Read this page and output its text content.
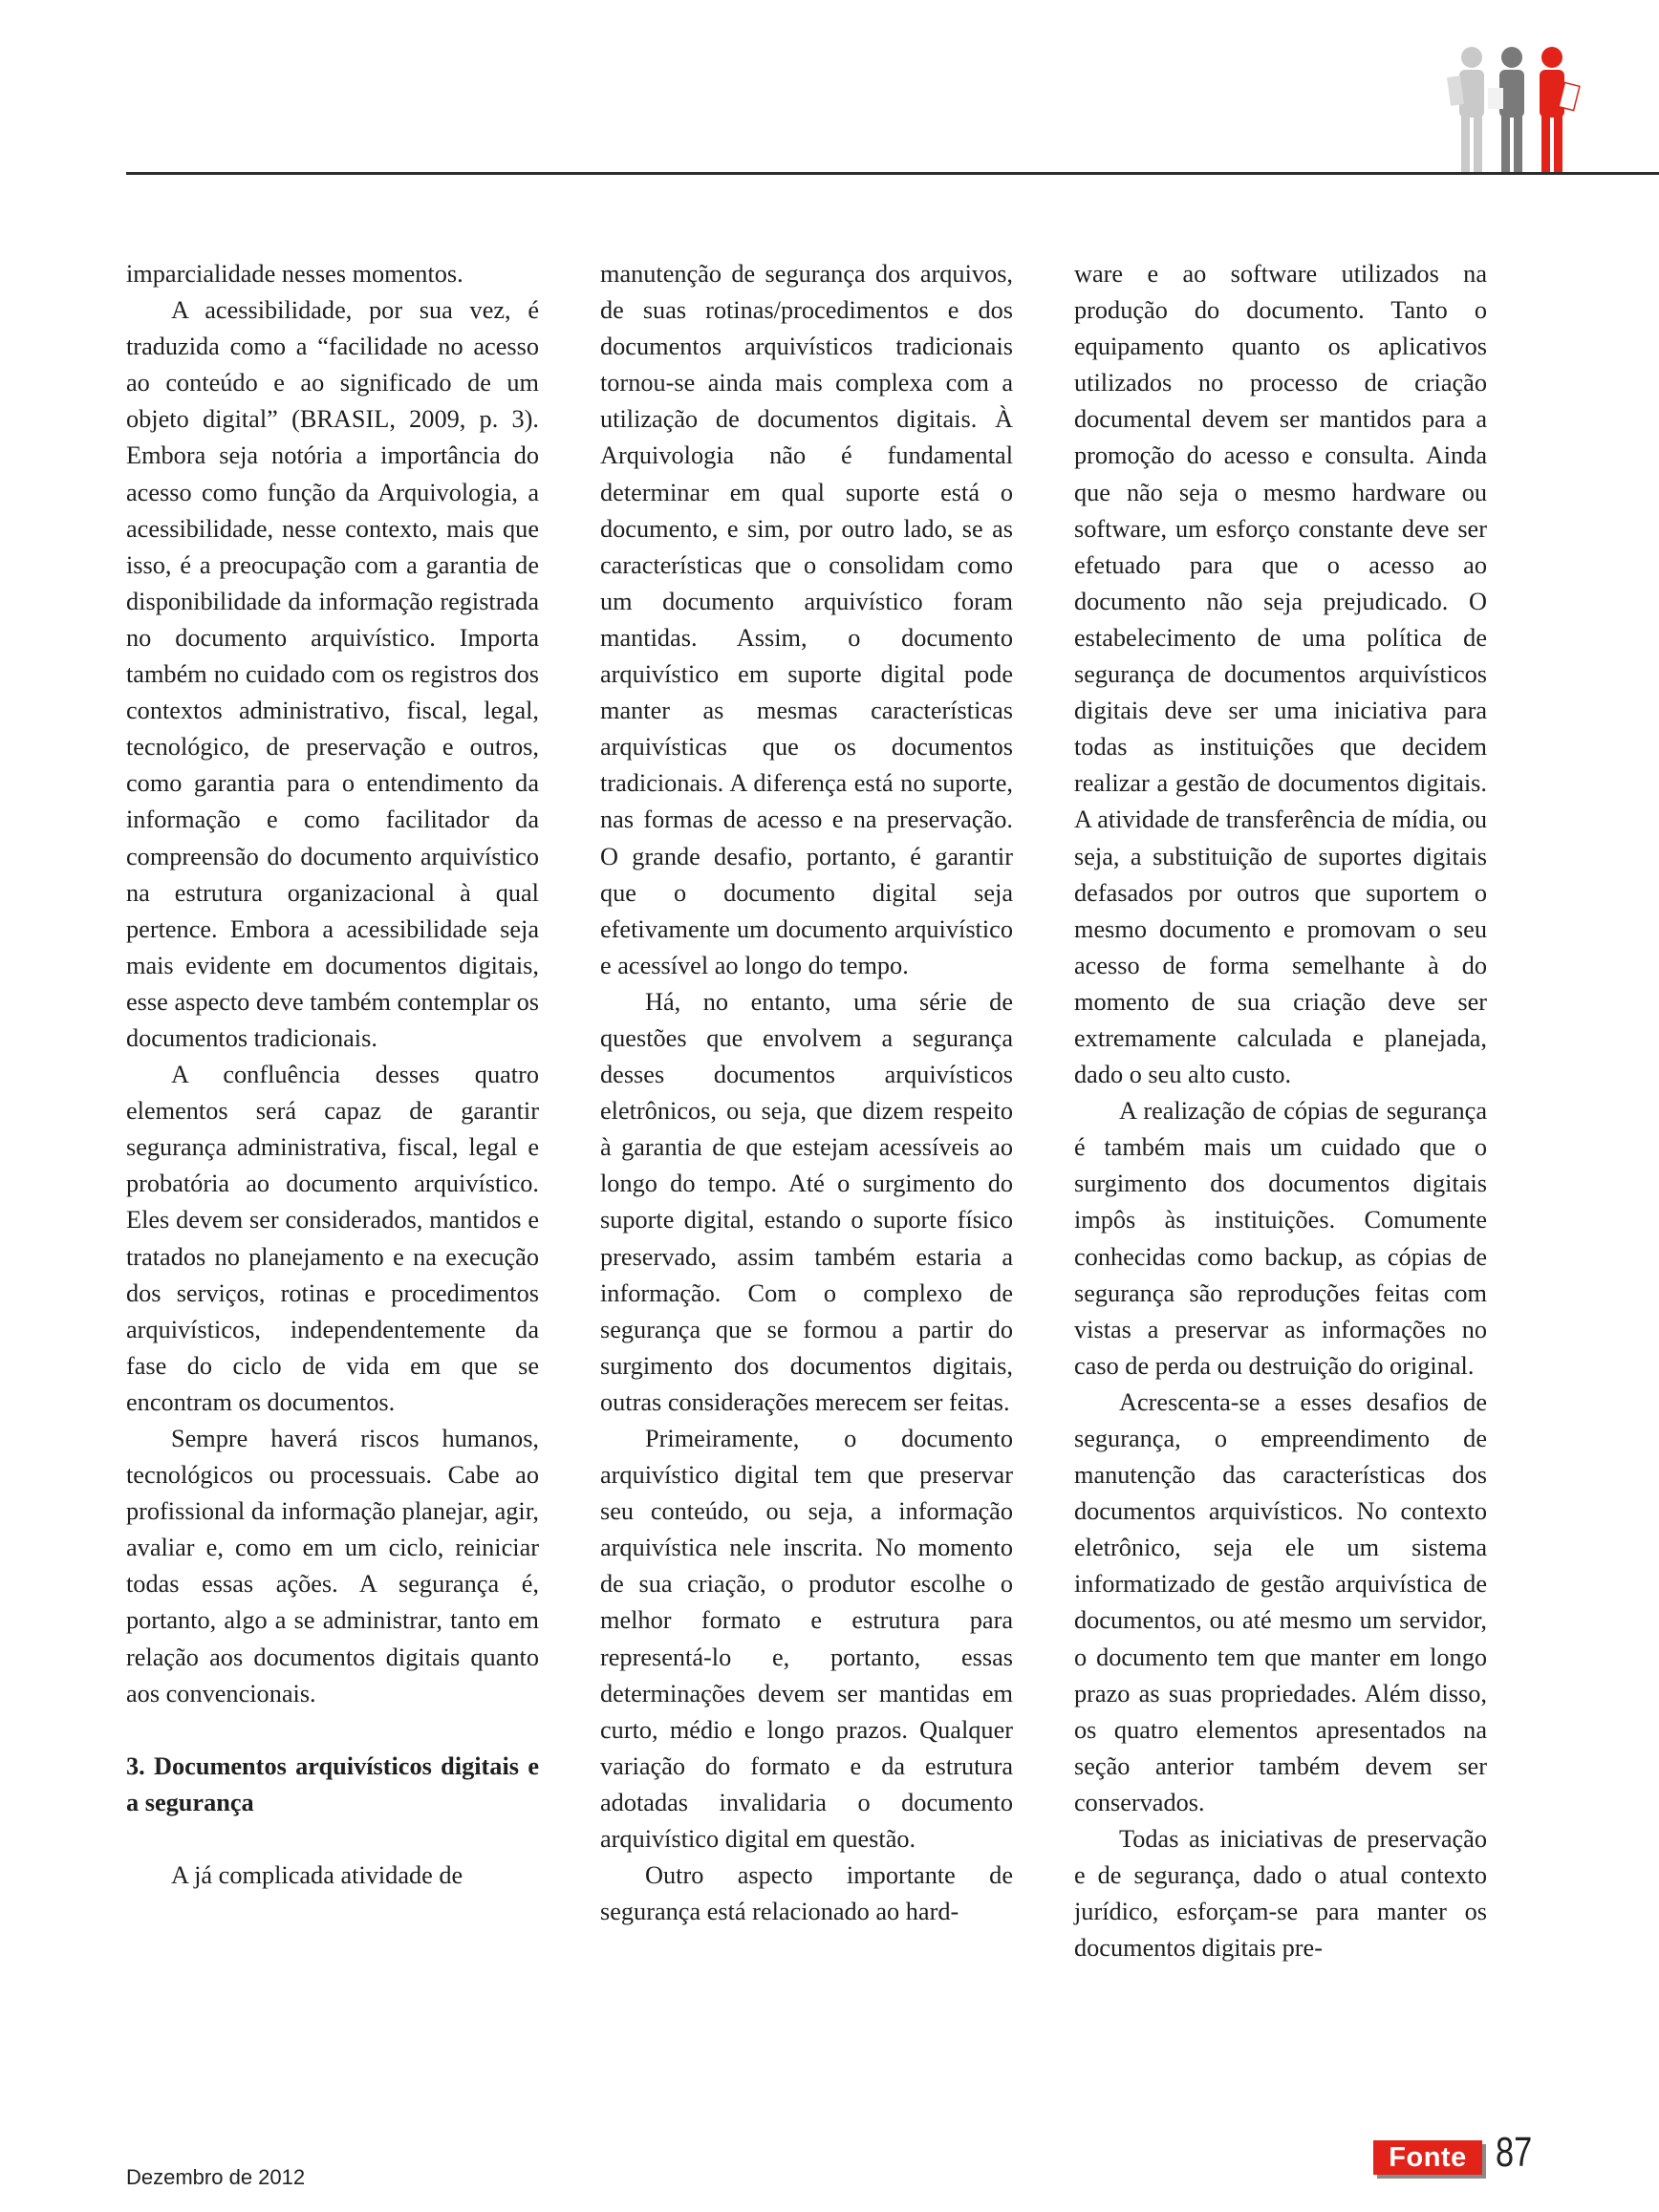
imparcialidade nesses momentos.

A acessibilidade, por sua vez, é traduzida como a “facilidade no acesso ao conteúdo e ao significado de um objeto digital” (BRASIL, 2009, p. 3). Embora seja notória a importância do acesso como função da Arquivologia, a acessibilidade, nesse contexto, mais que isso, é a preocupação com a garantia de disponibilidade da informação registrada no documento arquivístico. Importa também no cuidado com os registros dos contextos administrativo, fiscal, legal, tecnológico, de preservação e outros, como garantia para o entendimento da informação e como facilitador da compreensão do documento arquivístico na estrutura organizacional à qual pertence. Embora a acessibilidade seja mais evidente em documentos digitais, esse aspecto deve também contemplar os documentos tradicionais.

A confluência desses quatro elementos será capaz de garantir segurança administrativa, fiscal, legal e probatória ao documento arquivístico. Eles devem ser considerados, mantidos e tratados no planejamento e na execução dos serviços, rotinas e procedimentos arquivísticos, independentemente da fase do ciclo de vida em que se encontram os documentos.

Sempre haverá riscos humanos, tecnológicos ou processuais. Cabe ao profissional da informação planejar, agir, avaliar e, como em um ciclo, reiniciar todas essas ações. A segurança é, portanto, algo a se administrar, tanto em relação aos documentos digitais quanto aos convencionais.

3. Documentos arquivísticos digitais e a segurança

A já complicada atividade de

manutenção de segurança dos arquivos, de suas rotinas/procedimentos e dos documentos arquivísticos tradicionais tornou-se ainda mais complexa com a utilização de documentos digitais. À Arquivologia não é fundamental determinar em qual suporte está o documento, e sim, por outro lado, se as características que o consolidam como um documento arquivístico foram mantidas. Assim, o documento arquivístico em suporte digital pode manter as mesmas características arquivísticas que os documentos tradicionais. A diferença está no suporte, nas formas de acesso e na preservação. O grande desafio, portanto, é garantir que o documento digital seja efetivamente um documento arquivístico e acessível ao longo do tempo.

Há, no entanto, uma série de questões que envolvem a segurança desses documentos arquivísticos eletrônicos, ou seja, que dizem respeito à garantia de que estejam acessíveis ao longo do tempo. Até o surgimento do suporte digital, estando o suporte físico preservado, assim também estaria a informação. Com o complexo de segurança que se formou a partir do surgimento dos documentos digitais, outras considerações merecem ser feitas.

Primeiramente, o documento arquivístico digital tem que preservar seu conteúdo, ou seja, a informação arquivística nele inscrita. No momento de sua criação, o produtor escolhe o melhor formato e estrutura para representá-lo e, portanto, essas determinações devem ser mantidas em curto, médio e longo prazos. Qualquer variação do formato e da estrutura adotadas invalidaria o documento arquivístico digital em questão.

Outro aspecto importante de segurança está relacionado ao hard-

ware e ao software utilizados na produção do documento. Tanto o equipamento quanto os aplicativos utilizados no processo de criação documental devem ser mantidos para a promoção do acesso e consulta. Ainda que não seja o mesmo hardware ou software, um esforço constante deve ser efetuado para que o acesso ao documento não seja prejudicado. O estabelecimento de uma política de segurança de documentos arquivísticos digitais deve ser uma iniciativa para todas as instituições que decidem realizar a gestão de documentos digitais. A atividade de transferência de mídia, ou seja, a substituição de suportes digitais defasados por outros que suportem o mesmo documento e promovam o seu acesso de forma semelhante à do momento de sua criação deve ser extremamente calculada e planejada, dado o seu alto custo.

A realização de cópias de segurança é também mais um cuidado que o surgimento dos documentos digitais impôs às instituições. Comumente conhecidas como backup, as cópias de segurança são reproduções feitas com vistas a preservar as informações no caso de perda ou destruição do original.

Acrescenta-se a esses desafios de segurança, o empreendimento de manutenção das características dos documentos arquivísticos. No contexto eletrônico, seja ele um sistema informatizado de gestão arquivística de documentos, ou até mesmo um servidor, o documento tem que manter em longo prazo as suas propriedades. Além disso, os quatro elementos apresentados na seção anterior também devem ser conservados.

Todas as iniciativas de preservação e de segurança, dado o atual contexto jurídico, esforçam-se para manter os documentos digitais pre-

Dezembro de 2012
Fonte 87
